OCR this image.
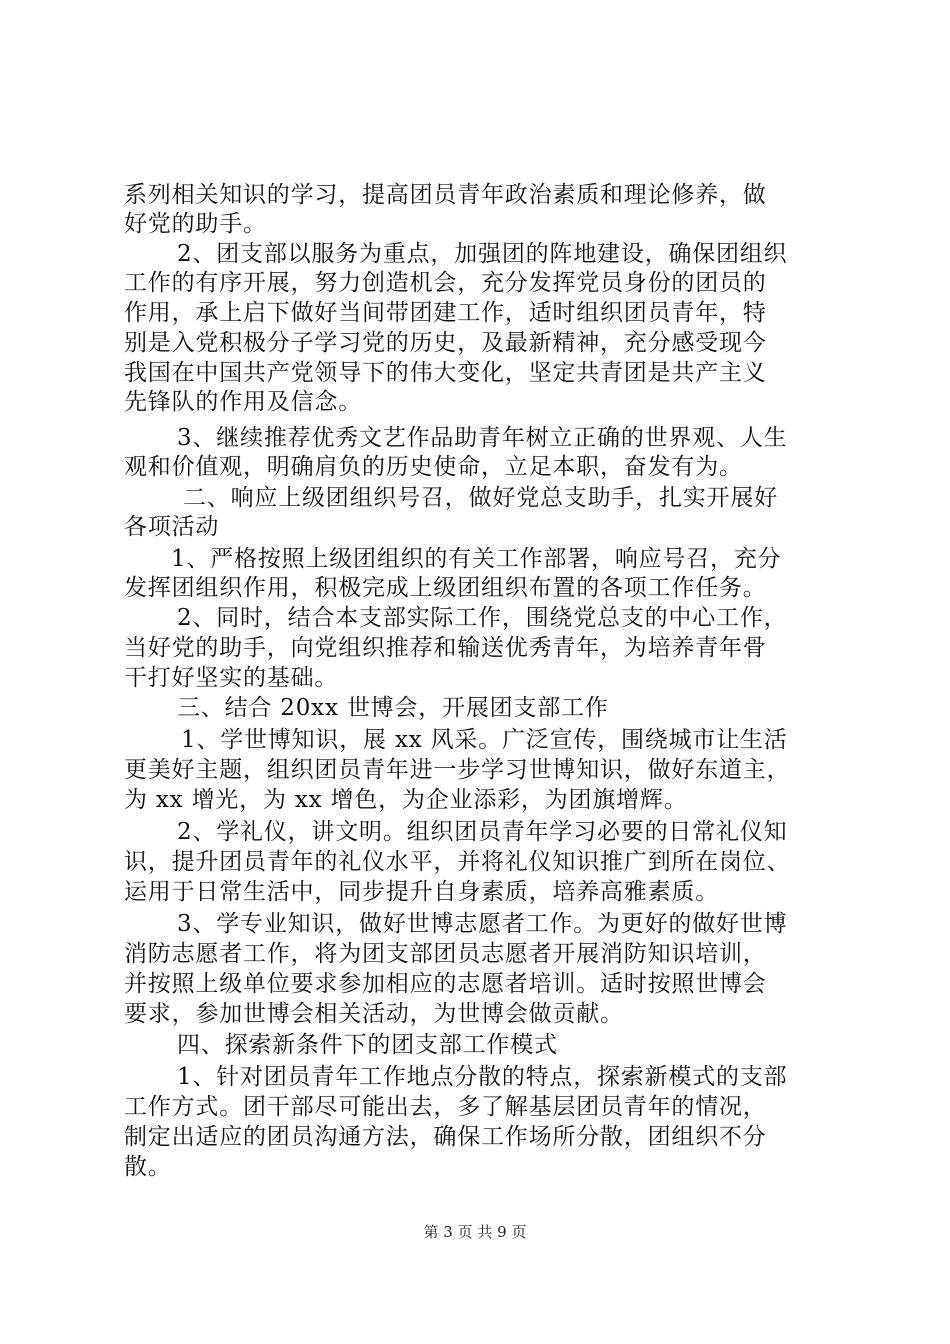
系列相关知识的学习，提高团员青年政治素质和理论修养，做
好党的助手。
2、团支部以服务为重点，加强团的阵地建设，确保团组织
工作的有序开展，努力创造机会，充分发挥党员身份的团员的
作用，承上启下做好当间带团建工作，适时组织团员青年，特
别是入党积极分子学习党的历史，及最新精神，充分感受现今
我国在中国共产党领导下的伟大变化，坚定共青团是共产主义
先锋队的作用及信念。
3、继续推荐优秀文艺作品助青年树立正确的世界观、人生
观和价值观，明确肩负的历史使命，立足本职，奋发有为。
二、响应上级团组织号召，做好党总支助手，扎实开展好
各项活动
1、严格按照上级团组织的有关工作部署，响应号召，充分
发挥团组织作用，积极完成上级团组织布置的各项工作任务。
2、同时，结合本支部实际工作，围绕党总支的中心工作，
当好党的助手，向党组织推荐和输送优秀青年，为培养青年骨
干打好坚实的基础。
三、结合 20xx 世博会，开展团支部工作
1、学世博知识，展 xx 风采。广泛宣传，围绕城市让生活
更美好主题，组织团员青年进一步学习世博知识，做好东道主，
为 xx 增光，为 xx 增色，为企业添彩，为团旗增辉。
2、学礼仪，讲文明。组织团员青年学习必要的日常礼仪知
识，提升团员青年的礼仪水平，并将礼仪知识推广到所在岗位、
运用于日常生活中，同步提升自身素质，培养高雅素质。
3、学专业知识，做好世博志愿者工作。为更好的做好世博
消防志愿者工作，将为团支部团员志愿者开展消防知识培训，
并按照上级单位要求参加相应的志愿者培训。适时按照世博会
要求，参加世博会相关活动，为世博会做贡献。
四、探索新条件下的团支部工作模式
1、针对团员青年工作地点分散的特点，探索新模式的支部
工作方式。团干部尽可能出去，多了解基层团员青年的情况，
制定出适应的团员沟通方法，确保工作场所分散，团组织不分
散。
第 3 页 共 9 页
